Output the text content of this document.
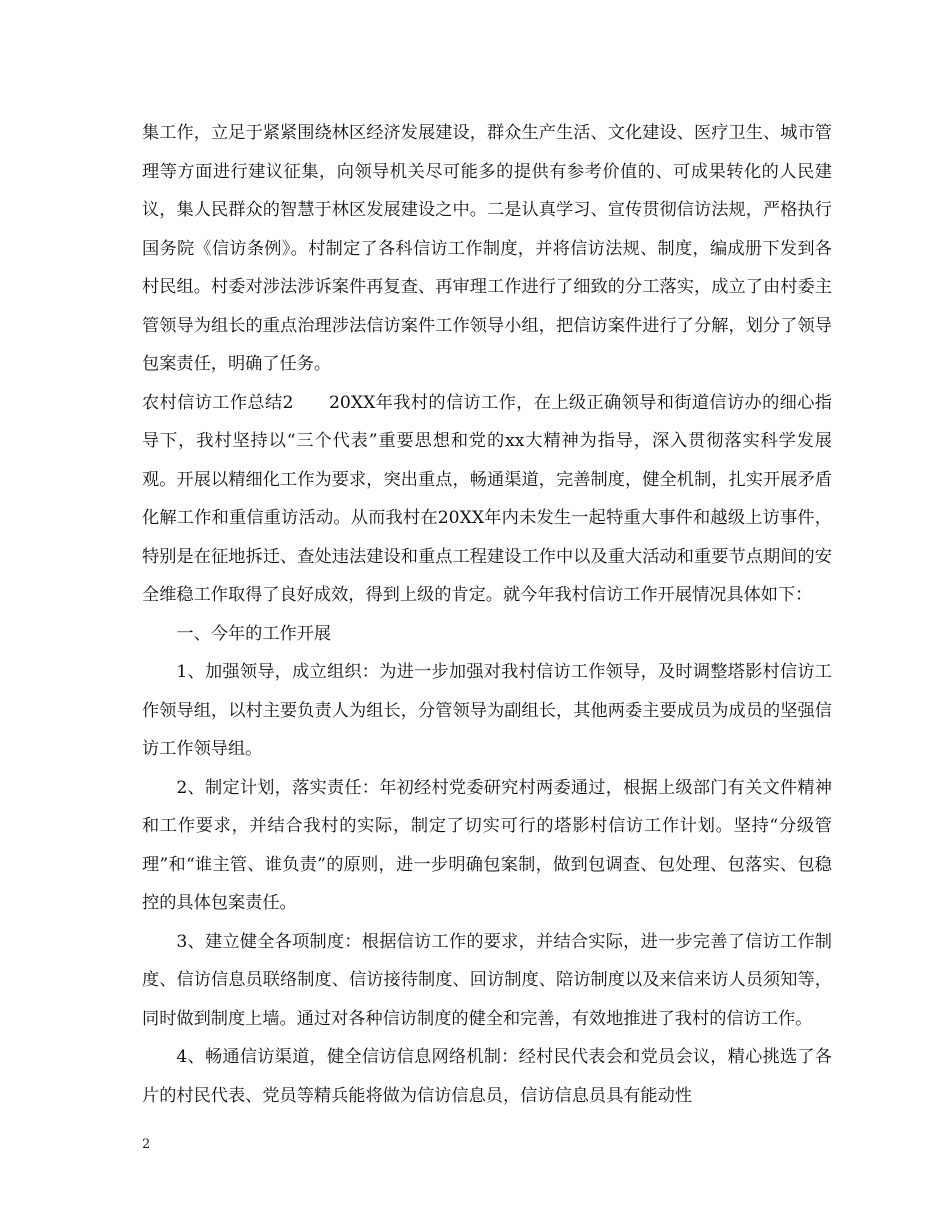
集工作，立足于紧紧围绕林区经济发展建设，群众生产生活、文化建设、医疗卫生、城市管理等方面进行建议征集，向领导机关尽可能多的提供有参考价值的、可成果转化的人民建议，集人民群众的智慧于林区发展建设之中。二是认真学习、宣传贯彻信访法规，严格执行国务院《信访条例》。村制定了各科信访工作制度，并将信访法规、制度，编成册下发到各村民组。村委对涉法涉诉案件再复查、再审理工作进行了细致的分工落实，成立了由村委主管领导为组长的重点治理涉法信访案件工作领导小组，把信访案件进行了分解，划分了领导包案责任，明确了任务。

农村信访工作总结2　　20XX年我村的信访工作，在上级正确领导和街道信访办的细心指导下，我村坚持以“三个代表”重要思想和党的xx大精神为指导，深入贯彻落实科学发展观。开展以精细化工作为要求，突出重点，畅通渠道，完善制度，健全机制，扎实开展矛盾化解工作和重信重访活动。从而我村在20XX年内未发生一起特重大事件和越级上访事件，特别是在征地拆迁、查处违法建设和重点工程建设工作中以及重大活动和重要节点期间的安全维稳工作取得了良好成效，得到上级的肯定。就今年我村信访工作开展情况具体如下：

一、今年的工作开展

1、加强领导，成立组织：为进一步加强对我村信访工作领导，及时调整塔影村信访工作领导组，以村主要负责人为组长，分管领导为副组长，其他两委主要成员为成员的坚强信访工作领导组。

2、制定计划，落实责任：年初经村党委研究村两委通过，根据上级部门有关文件精神和工作要求，并结合我村的实际，制定了切实可行的塔影村信访工作计划。坚持“分级管理”和“谁主管、谁负责”的原则，进一步明确包案制，做到包调查、包处理、包落实、包稳控的具体包案责任。

3、建立健全各项制度：根据信访工作的要求，并结合实际，进一步完善了信访工作制度、信访信息员联络制度、信访接待制度、回访制度、陪访制度以及来信来访人员须知等，同时做到制度上墙。通过对各种信访制度的健全和完善，有效地推进了我村的信访工作。

4、畅通信访渠道，健全信访信息网络机制：经村民代表会和党员会议，精心挑选了各片的村民代表、党员等精兵能将做为信访信息员，信访信息员具有能动性

2
